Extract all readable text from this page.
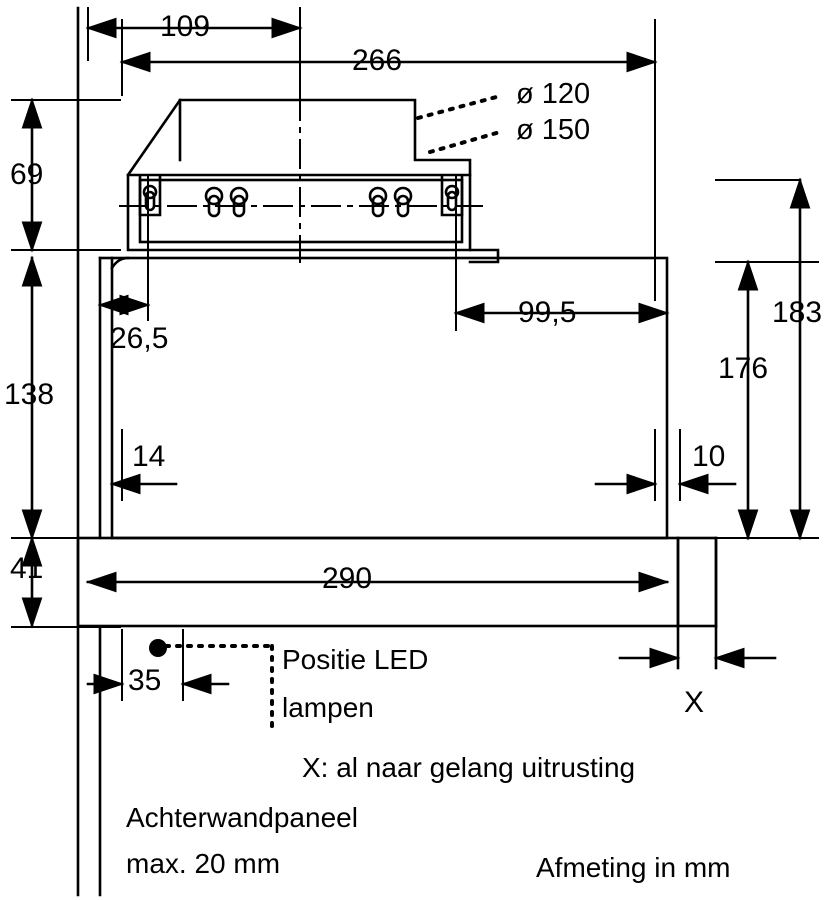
109
266
69
138
41
26,5
99,5	183
176
14	10
290
35
X
ø 120
ø 150
Positie LED
lampen
X: al naar gelang uitrusting
Achterwandpaneel
max. 20 mm	Afmeting in mm
